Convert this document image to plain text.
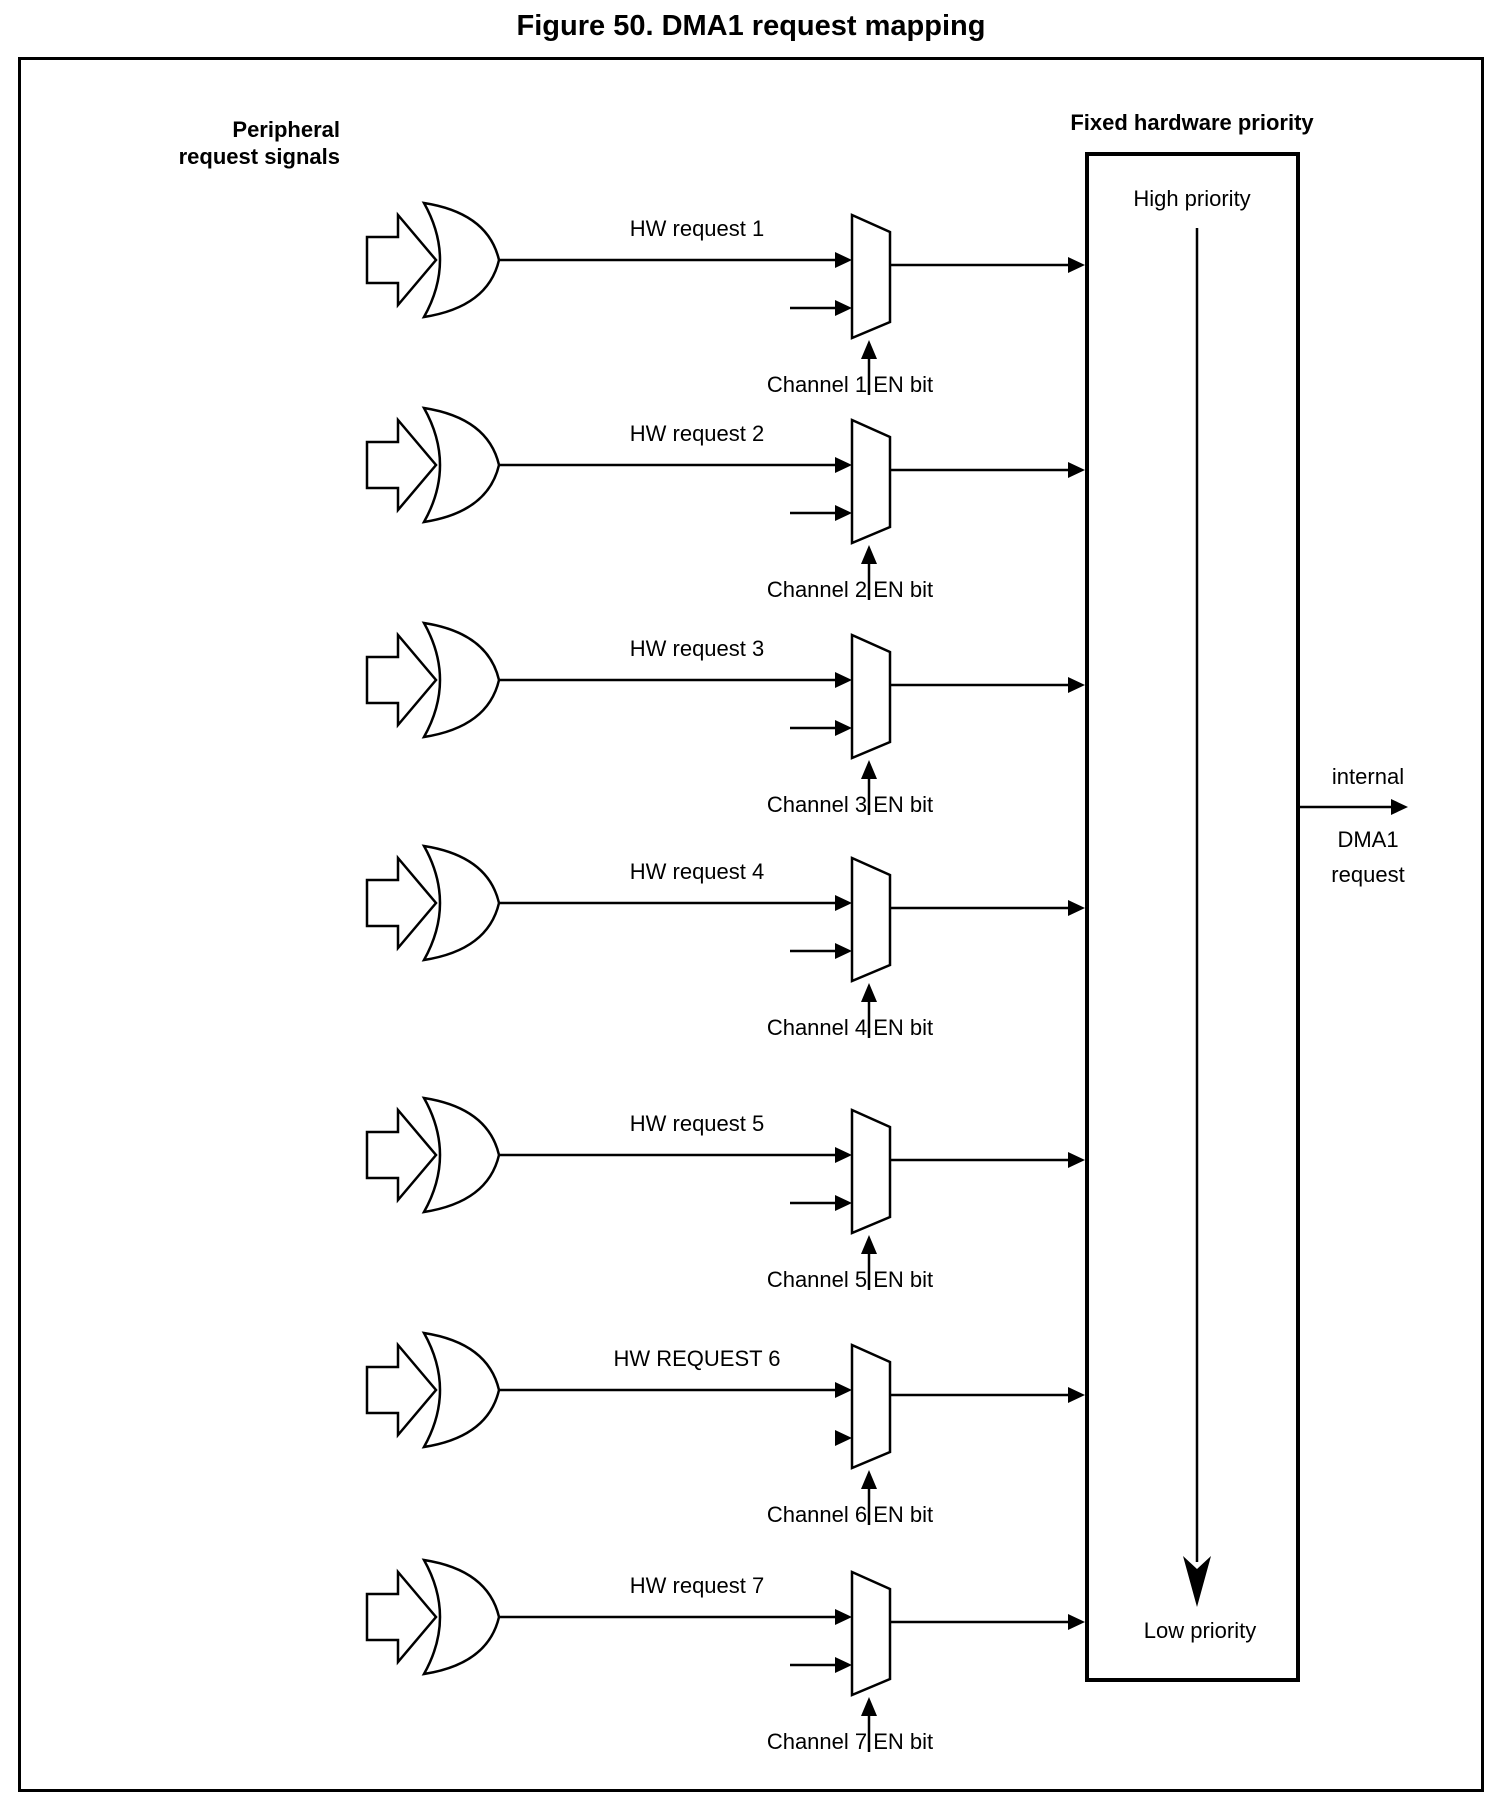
Figure 50. DMA1 request mapping
Peripheral
request signals
Fixed hardware priority
High priority
Low priority
internal
DMA1
request
HW request 1
Channel 1 EN bit
HW request 2
Channel 2 EN bit
HW request 3
Channel 3 EN bit
HW request 4
Channel 4 EN bit
HW request 5
Channel 5 EN bit
HW REQUEST 6
Channel 6 EN bit
HW request 7
Channel 7 EN bit
